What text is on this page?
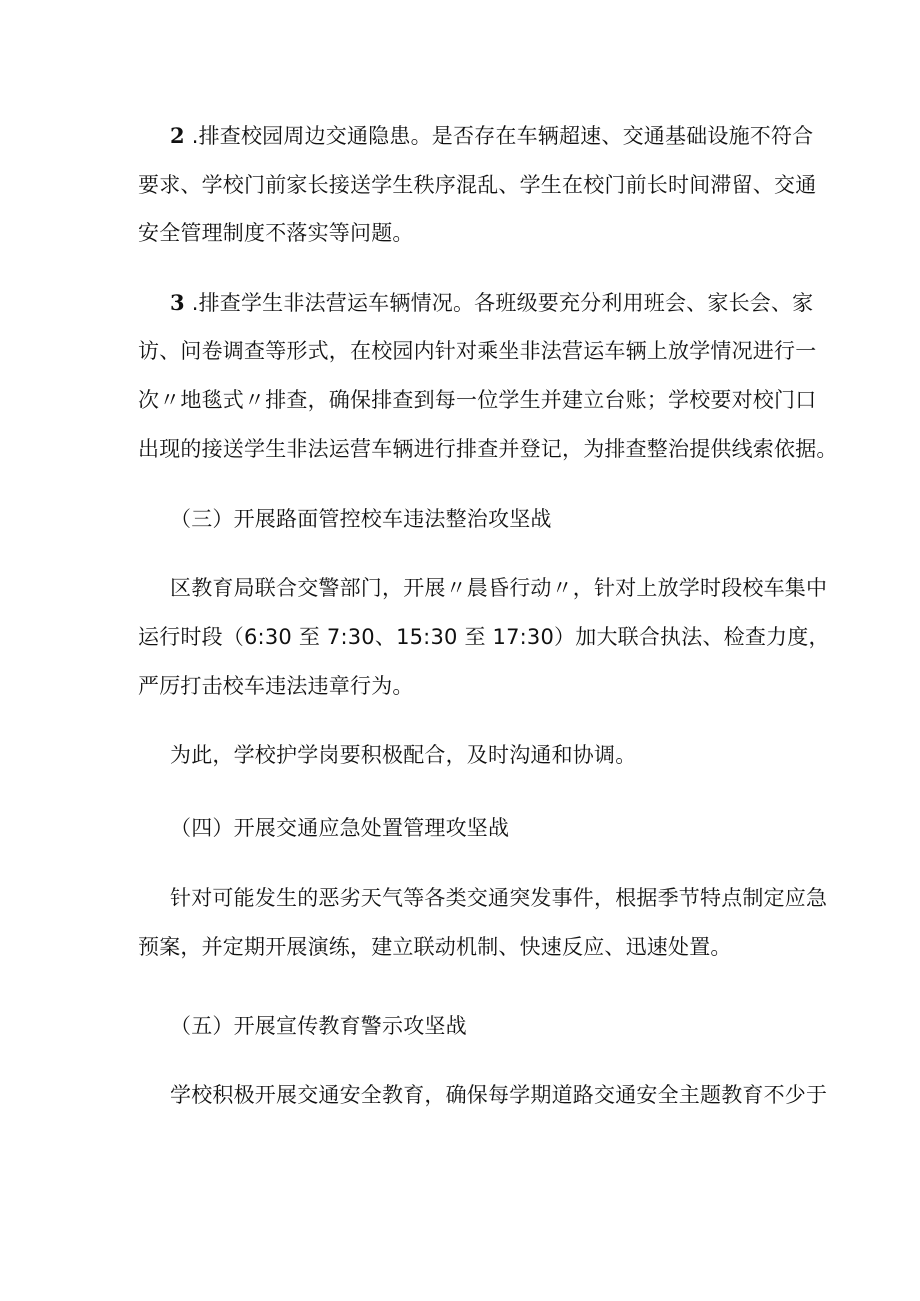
2 .排查校园周边交通隐患。是否存在车辆超速、交通基础设施不符合
要求、学校门前家长接送学生秩序混乱、学生在校门前长时间滞留、交通
安全管理制度不落实等问题。
3 .排查学生非法营运车辆情况。各班级要充分利用班会、家长会、家
访、问卷调查等形式，在校园内针对乘坐非法营运车辆上放学情况进行一
次〃地毯式〃排查，确保排查到每一位学生并建立台账；学校要对校门口
出现的接送学生非法运营车辆进行排查并登记，为排查整治提供线索依据。
（三）开展路面管控校车违法整治攻坚战
区教育局联合交警部门，开展〃晨昏行动〃，针对上放学时段校车集中
运行时段（6:30 至 7:30、15:30 至 17:30）加大联合执法、检查力度，
严厉打击校车违法违章行为。
为此，学校护学岗要积极配合，及时沟通和协调。
（四）开展交通应急处置管理攻坚战
针对可能发生的恶劣天气等各类交通突发事件，根据季节特点制定应急
预案，并定期开展演练，建立联动机制、快速反应、迅速处置。
（五）开展宣传教育警示攻坚战
学校积极开展交通安全教育，确保每学期道路交通安全主题教育不少于
